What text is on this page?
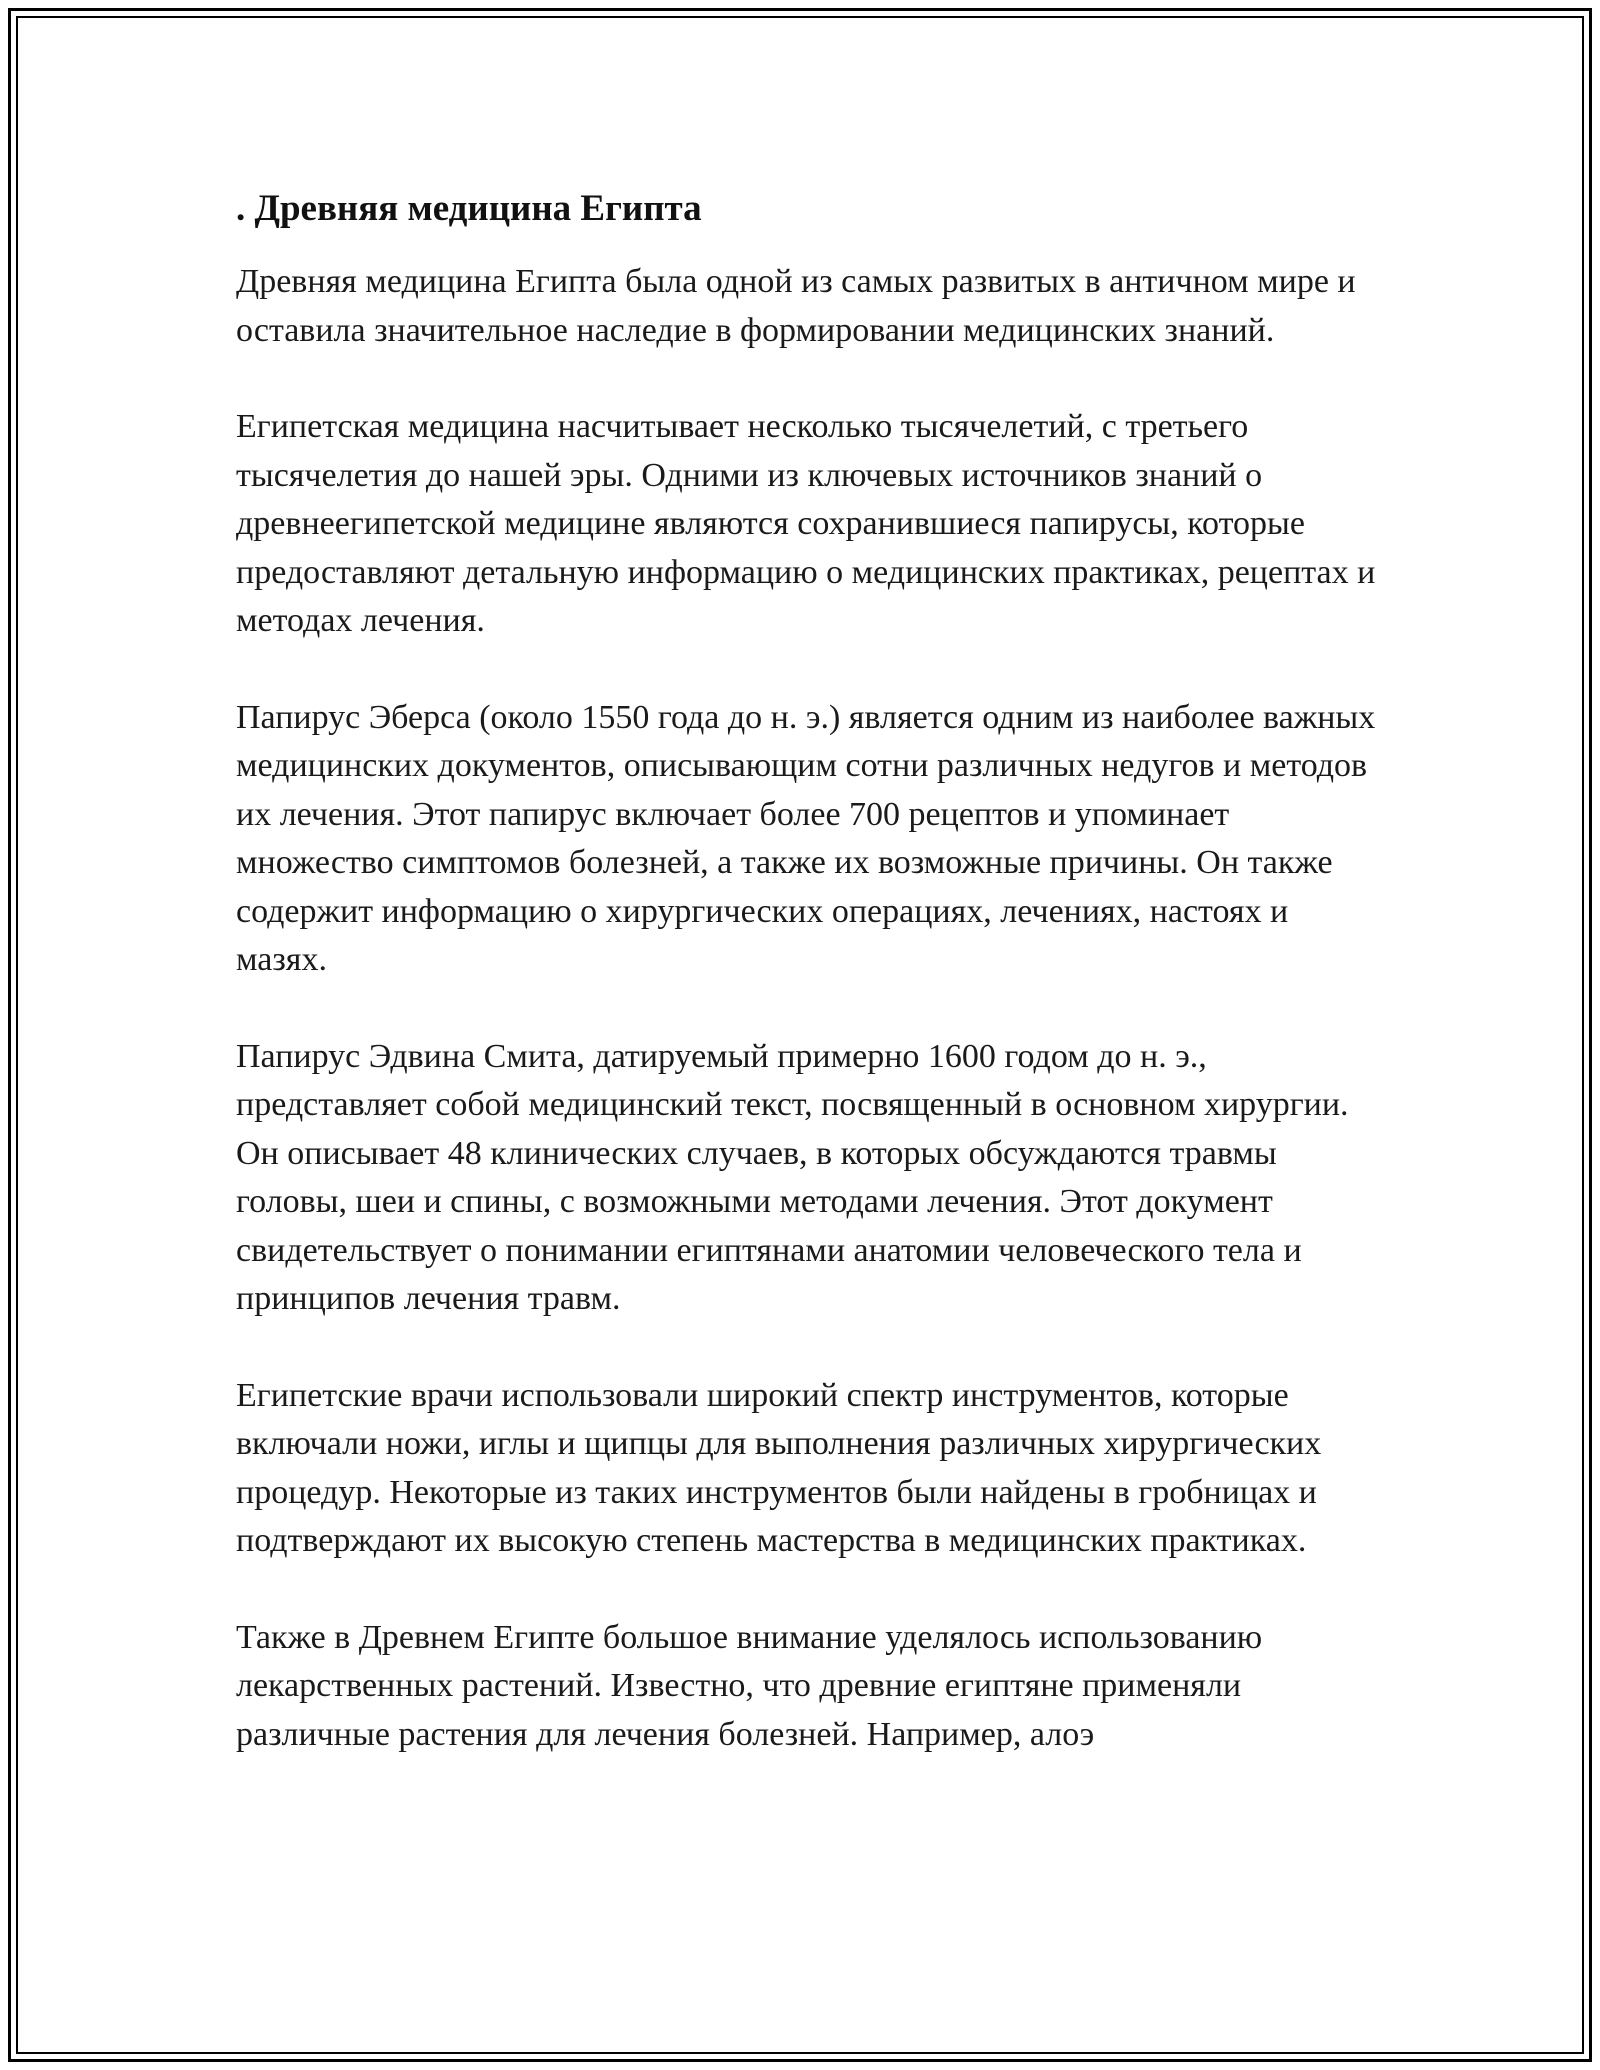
. Древняя медицина Египта

Древняя медицина Египта была одной из самых развитых в античном мире и оставила значительное наследие в формировании медицинских знаний.

Египетская медицина насчитывает несколько тысячелетий, с третьего тысячелетия до нашей эры. Одними из ключевых источников знаний о древнеегипетской медицине являются сохранившиеся папирусы, которые предоставляют детальную информацию о медицинских практиках, рецептах и методах лечения.

Папирус Эберса (около 1550 года до н. э.) является одним из наиболее важных медицинских документов, описывающим сотни различных недугов и методов их лечения. Этот папирус включает более 700 рецептов и упоминает множество симптомов болезней, а также их возможные причины. Он также содержит информацию о хирургических операциях, лечениях, настоях и мазях.

Папирус Эдвина Смита, датируемый примерно 1600 годом до н. э., представляет собой медицинский текст, посвященный в основном хирургии. Он описывает 48 клинических случаев, в которых обсуждаются травмы головы, шеи и спины, с возможными методами лечения. Этот документ свидетельствует о понимании египтянами анатомии человеческого тела и принципов лечения травм.

Египетские врачи использовали широкий спектр инструментов, которые включали ножи, иглы и щипцы для выполнения различных хирургических процедур. Некоторые из таких инструментов были найдены в гробницах и подтверждают их высокую степень мастерства в медицинских практиках.

Также в Древнем Египте большое внимание уделялось использованию лекарственных растений. Известно, что древние египтяне применяли различные растения для лечения болезней. Например, алоэ
